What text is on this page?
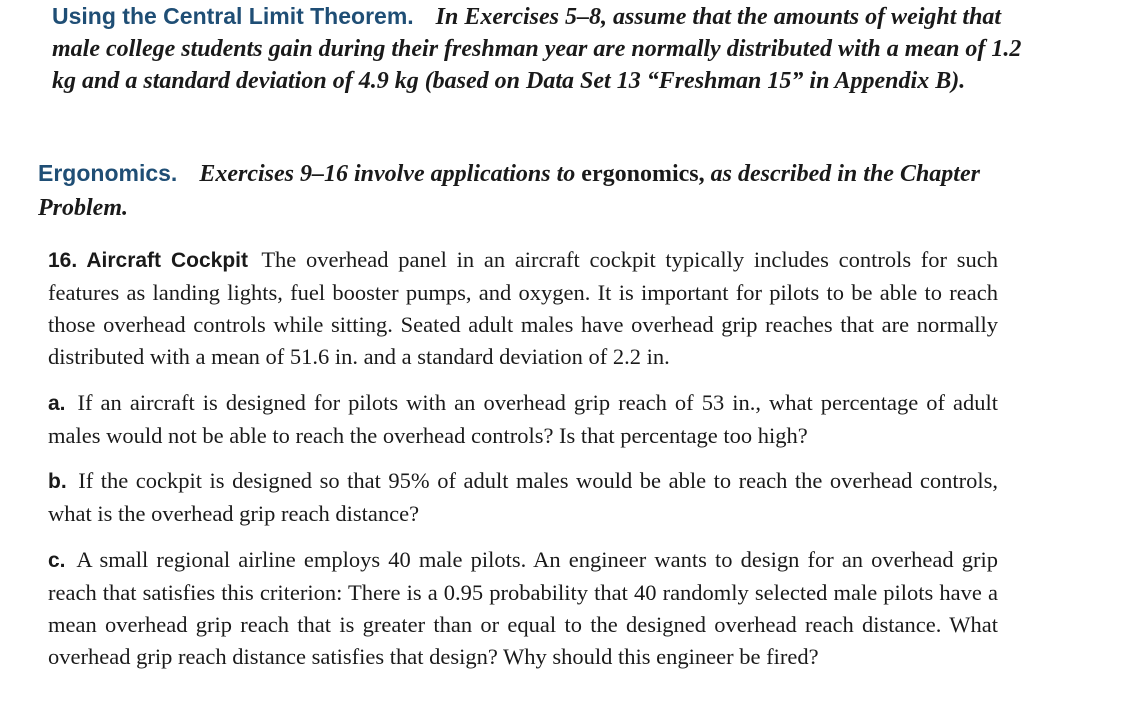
Using the Central Limit Theorem. In Exercises 5–8, assume that the amounts of weight that male college students gain during their freshman year are normally distributed with a mean of 1.2 kg and a standard deviation of 4.9 kg (based on Data Set 13 “Freshman 15” in Appendix B).
Ergonomics. Exercises 9–16 involve applications to ergonomics, as described in the Chapter Problem.
16. Aircraft Cockpit The overhead panel in an aircraft cockpit typically includes controls for such features as landing lights, fuel booster pumps, and oxygen. It is important for pilots to be able to reach those overhead controls while sitting. Seated adult males have overhead grip reaches that are normally distributed with a mean of 51.6 in. and a standard deviation of 2.2 in.
a. If an aircraft is designed for pilots with an overhead grip reach of 53 in., what percentage of adult males would not be able to reach the overhead controls? Is that percentage too high?
b. If the cockpit is designed so that 95% of adult males would be able to reach the overhead controls, what is the overhead grip reach distance?
c. A small regional airline employs 40 male pilots. An engineer wants to design for an overhead grip reach that satisfies this criterion: There is a 0.95 probability that 40 randomly selected male pilots have a mean overhead grip reach that is greater than or equal to the designed overhead reach distance. What overhead grip reach distance satisfies that design? Why should this engineer be fired?
